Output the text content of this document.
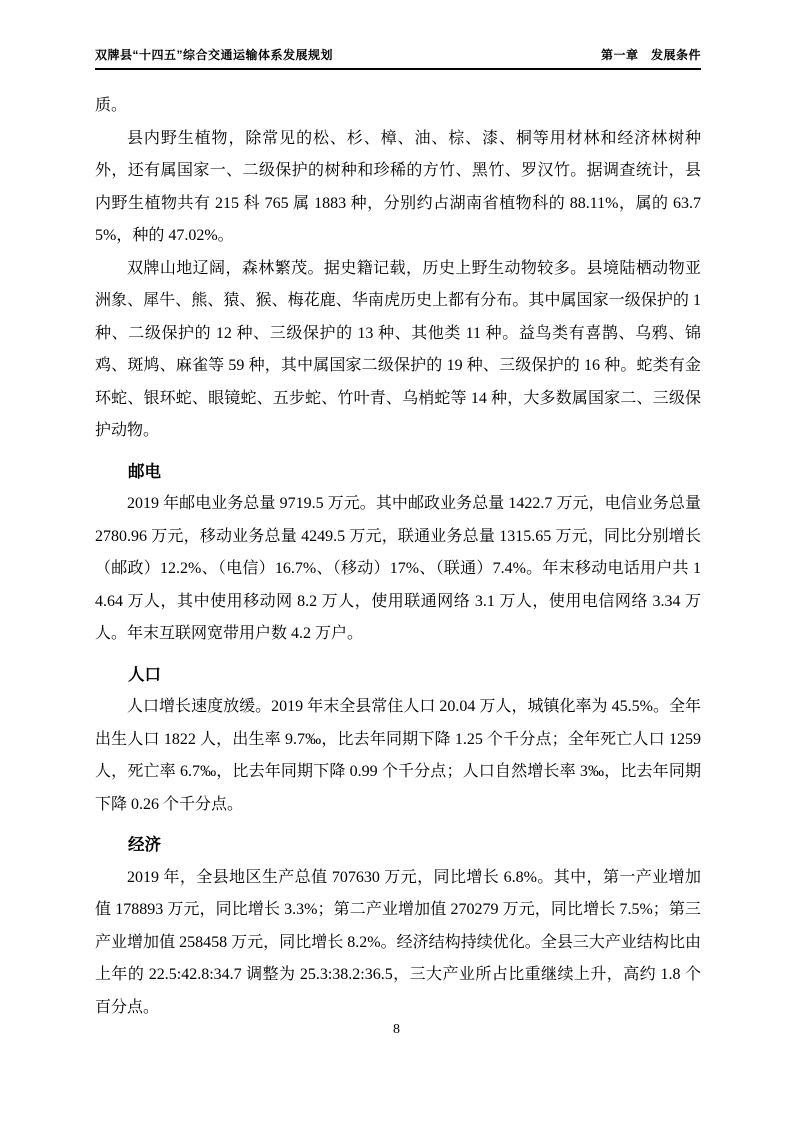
双牌县“十四五”综合交通运输体系发展规划	第一章　发展条件

质。

县内野生植物，除常见的松、杉、樟、油、棕、漆、桐等用材林和经济林树种外，还有属国家一、二级保护的树种和珍稀的方竹、黑竹、罗汉竹。据调查统计，县内野生植物共有 215 科 765 属 1883 种，分别约占湖南省植物科的 88.11%，属的 63.75%，种的 47.02%。

双牌山地辽阔，森林繁茂。据史籍记载，历史上野生动物较多。县境陆栖动物亚洲象、犀牛、熊、猿、猴、梅花鹿、华南虎历史上都有分布。其中属国家一级保护的 1 种、二级保护的 12 种、三级保护的 13 种、其他类 11 种。益鸟类有喜鹊、乌鸦、锦鸡、斑鸠、麻雀等 59 种，其中属国家二级保护的 19 种、三级保护的 16 种。蛇类有金环蛇、银环蛇、眼镜蛇、五步蛇、竹叶青、乌梢蛇等 14 种，大多数属国家二、三级保护动物。

邮电

2019 年邮电业务总量 9719.5 万元。其中邮政业务总量 1422.7 万元，电信业务总量 2780.96 万元，移动业务总量 4249.5 万元，联通业务总量 1315.65 万元，同比分别增长（邮政）12.2%、（电信）16.7%、（移动）17%、（联通）7.4%。年末移动电话用户共 14.64 万人，其中使用移动网 8.2 万人，使用联通网络 3.1 万人，使用电信网络 3.34 万人。年末互联网宽带用户数 4.2 万户。

人口

人口增长速度放缓。2019 年末全县常住人口 20.04 万人，城镇化率为 45.5%。全年出生人口 1822 人，出生率 9.7‰，比去年同期下降 1.25 个千分点；全年死亡人口 1259 人，死亡率 6.7‰，比去年同期下降 0.99 个千分点；人口自然增长率 3‰，比去年同期下降 0.26 个千分点。

经济

2019 年，全县地区生产总值 707630 万元，同比增长 6.8%。其中，第一产业增加值 178893 万元，同比增长 3.3%；第二产业增加值 270279 万元，同比增长 7.5%；第三产业增加值 258458 万元，同比增长 8.2%。经济结构持续优化。全县三大产业结构比由上年的 22.5:42.8:34.7 调整为 25.3:38.2:36.5，三大产业所占比重继续上升，高约 1.8 个百分点。

8
